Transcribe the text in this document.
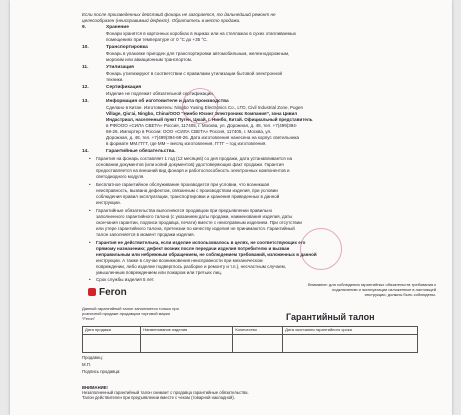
Если после произведенных действий фонарь не загорается, то дальнейший ремонт не
целесообразен (неисправимый дефект). Обратитесь в место продажи.
9.	Хранение
Фонари хранятся в картонных коробках в ящиках или на стеллажах в сухих отапливаемых
помещениях при температуре от 0 °С до +35 °С.
10.	Транспортировка
Фонарь в упаковке пригоден для транспортировки автомобильным, железнодорожным,
морским или авиационным транспортом.
11.	Утилизация
Фонарь утилизируют в соответствии с правилами утилизации бытовой электронной
техники.
12.	Сертификация
Изделие не подлежит обязательной сертификации.
13.	Информация об изготовителе и дата производства
Сделано в Китае. Изготовитель: Ningbo Yusing Electronics Co., LTD, Civil Industrial Zone, Pugen
Village, Qiu'ai, Ningbo, China/ООО “Нинбо Юсинг Электроникс Компания”, зона Цивил
Индастриал, населенный пункт Пуген, Цюай, г. Нинбо, Китай. Официальный представитель
в РФ/ООО «СИЛА СВЕТА» Россия, 117405, г. Москва, ул. Дорожная, д. 48, тел. +7(499)394-
69-26. Импортер в России: ООО «СИЛА СВЕТА» Россия, 117405, г. Москва, ул.
Дорожная, д. 48, тел. +7(499)394-69-26. Дата изготовления нанесена на корпус светильника
в формате ММ.ГГГГ, где ММ – месяц изготовления, ГГГГ – год изготовления.
14.	Гарантийные обязательства.
• Гарантия на фонарь составляет 1 год (12 месяцев) со дня продажи, дата устанавливается на
основании документов (или копий документов) удостоверяющих факт продажи. Гарантия
предоставляется на внешний вид фонаря и работоспособность электронных компонентов и
светодиодного модуля.
• Бесплатное гарантийное обслуживание производится при условии, что возникшая
неисправность, вызвана дефектом, связанным с производством изделия, при условии
соблюдения правил эксплуатации, транспортировки и хранения приведенных в данной
инструкции.
• Гарантийные обязательства выполняются продавцом при предъявлении правильно
заполненного гарантийного талона (с указанием даты продажи, наименования изделия, даты
окончания гарантии, подписи продавца, печати) вместе с неисправным изделием. При отсутствии
или утере гарантийного талона, претензии по качеству изделия не принимаются. Гарантийный
талон заполняется в момент продажи изделия.
• Гарантия не действительна, если изделие использовалось в целях, не соответствующих его
прямому назначению; дефект возник после передачи изделия потребителю и вызван
неправильным или небрежным обращением, не соблюдением требований, изложенных в данной
инструкции. А также в случае возникновения неисправности при механическом
повреждении, либо изделие подверглось разборке и ремонту и т.п.), несчастным случаем,
умышленным повреждением или пожаром или третьих лиц.
• Срок службы изделия 5 лет.
Feron
Внимание: для соблюдения гарантийных обязательств требования к
подключению и эксплуатации изложенные в настоящей
инструкции, должны быть соблюдены.
Данный гарантийный талон заполняется только при
розничной продаже продавцом торговой марки
“Feron”	Гарантийный талон
Дата продажи	Наименование изделия	Количество	Дата окончания гарантийного срока

Продавец:
М.П.
Подпись продавца:
ВНИМАНИЕ!
Незаполненный гарантийный талон снимает с продавца гарантийные обязательства.
Талон действителен при предъявлении вместе с чеком (товарной накладной).
